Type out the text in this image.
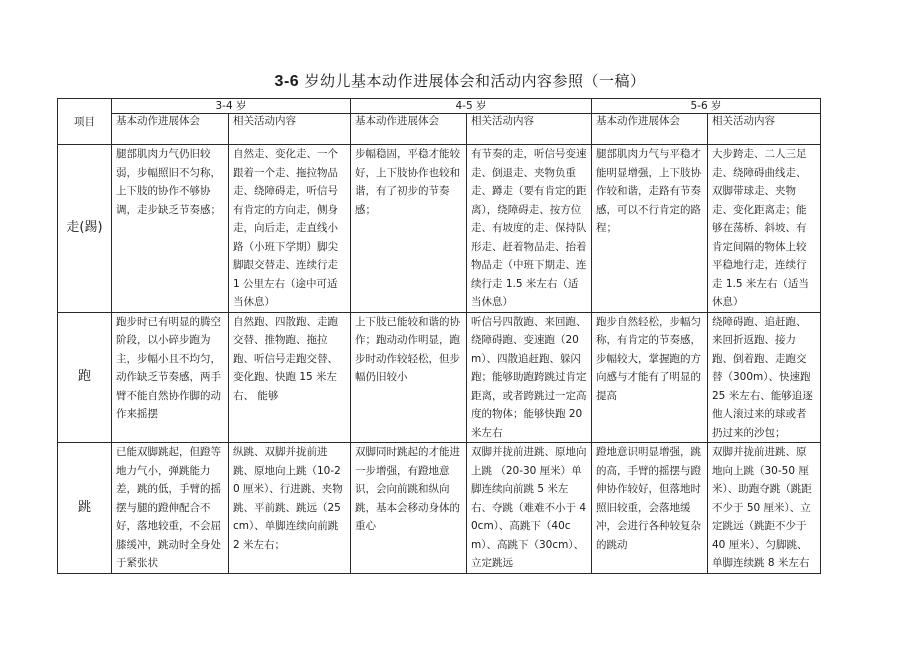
3-6 岁幼儿基本动作进展体会和活动内容参照（一稿）
项目	3-4 岁		4-5 岁		5-6 岁	
	基本动作进展体会	相关活动内容	基本动作进展体会	相关活动内容	基本动作进展体会	相关活动内容
走(踢)	腿部肌肉力气仍旧较弱，步幅照旧不匀称，上下肢的协作不够协调，走步缺乏节奏感；	自然走、变化走、一个跟着一个走、拖拉物品走、绕障碍走，听信号有肯定的方向走，侧身走，向后走，走直线小路（小班下学期）脚尖脚跟交替走、连续行走 1 公里左右（途中可适当休息）	步幅稳固，平稳才能较好，上下肢协作也较和谐，有了初步的节奏感；	有节奏的走，听信号变速走、倒退走、夹物负重走、蹲走（要有肯定的距离），绕障碍走、按方位走、有坡度的走、保持队形走、赶着物品走、抬着物品走（中班下期走、连续行走 1.5 米左右（适当休息）	腿部肌肉力气与平稳才能明显增强，上下肢协作较和谐，走路有节奏感，可以不行肯定的路程；	大步跨走、二人三足走、绕障碍曲线走、双脚带球走、夹物走、变化距离走；能够在荡桥、斜坡、有肯定间隔的物体上较平稳地行走，连续行走 1.5 米左右（适当休息）

跑	跑步时已有明显的腾空阶段，以小碎步跑为主，步幅小且不均匀，动作缺乏节奏感，两手臂不能自然协作脚的动作来摇摆	自然跑、四散跑、走跑交替、推物跑、拖拉跑、听信号走跑交替、变化跑、快跑 15 米左右、 能够	上下肢已能较和谐的协作；跑动动作明显，跑步时动作较轻松，但步幅仍旧较小	听信号四散跑、来回跑、绕障碍跑、变速跑（20m）、四散追赶跑、躲闪跑；能够助跑跨跳过肯定距离，或者跨跳过一定高度的物体；能够快跑 20 米左右	跑步自然轻松，步幅匀称，有肯定的节奏感，步幅较大，掌握跑的方向感与才能有了明显的提高	绕障碍跑、追赶跑、来回折返跑、接力跑、倒着跑、走跑交替（300m）、快速跑 25 米左右、能够追逐他人滚过来的球或者扔过来的沙包；

跳	已能双脚跳起，但蹬等地力气小，弹跳能力差，跳的低，手臂的摇摆与腿的蹬伸配合不好，落地较重，不会屈膝缓冲，跳动时全身处于紧张状	纵跳、双脚并拢前进跳、原地向上跳（10-20 厘米）、行进跳、夹物跳、平前跳、跳远（25cm）、单脚连续向前跳 2 米左右；	双脚同时跳起的才能进一步增强，有蹬地意识，会向前跳和纵向跳，基本会移动身体的重心	双脚并拢前进跳、原地向上跳 （20-30 厘米）单脚连续向前跳 5 米左右、夺跳（难难不小于 40cm）、高跳下（40cm）、高跳下（30cm）、立定跳远	蹬地意识明显增强，跳的高，手臂的摇摆与蹬伸协作较好，但落地时照旧较重，会落地缓冲，会进行各种较复杂的跳动	双脚并拢前进跳、原地向上跳（30-50 厘米）、助跑夺跳（跳距不少于 50 厘米）、立定跳远（跳距不少于 40 厘米）、匀脚跳、单脚连续跳 8 米左右
